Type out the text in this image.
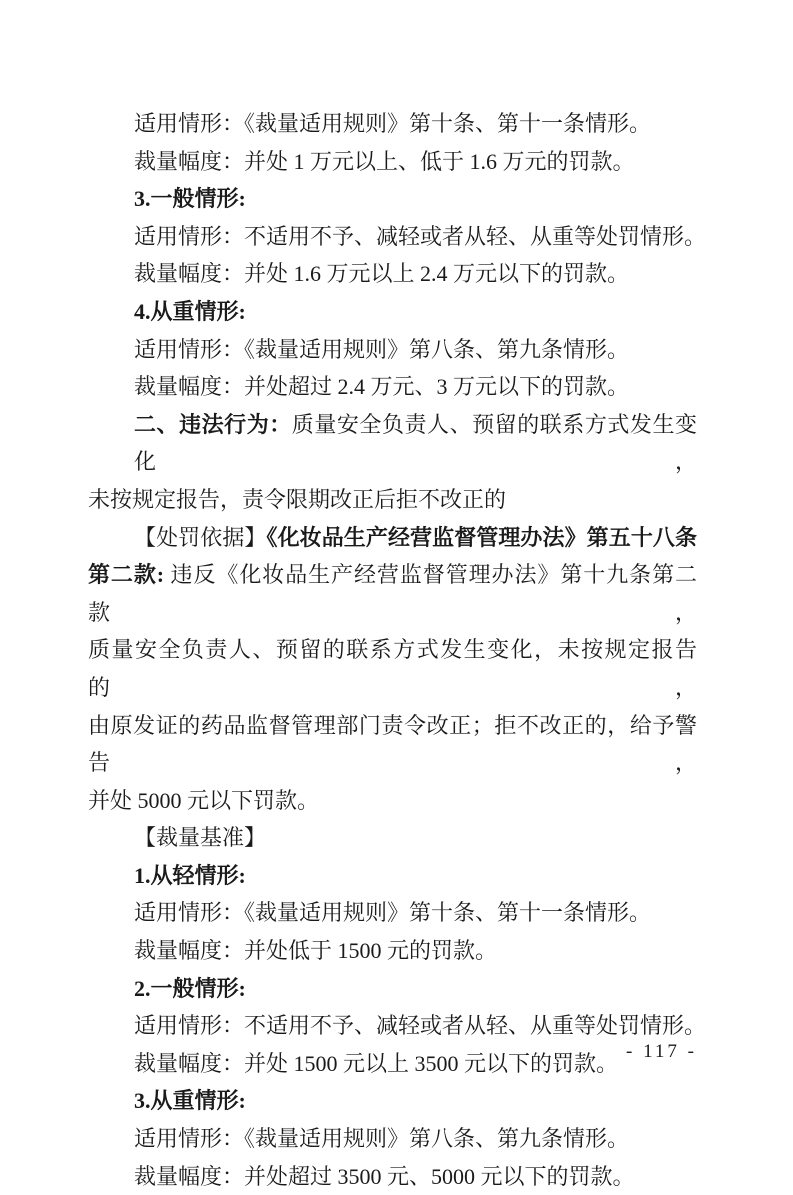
适用情形：《裁量适用规则》第十条、第十一条情形。
裁量幅度：并处 1 万元以上、低于 1.6 万元的罚款。
3.一般情形:
适用情形：不适用不予、减轻或者从轻、从重等处罚情形。
裁量幅度：并处 1.6 万元以上 2.4 万元以下的罚款。
4.从重情形:
适用情形：《裁量适用规则》第八条、第九条情形。
裁量幅度：并处超过 2.4 万元、3 万元以下的罚款。
二、违法行为：质量安全负责人、预留的联系方式发生变化，
未按规定报告，责令限期改正后拒不改正的
【处罚依据】《化妆品生产经营监督管理办法》第五十八条
第二款: 违反《化妆品生产经营监督管理办法》第十九条第二款，
质量安全负责人、预留的联系方式发生变化，未按规定报告的，
由原发证的药品监督管理部门责令改正；拒不改正的，给予警告，
并处 5000 元以下罚款。
【裁量基准】
1.从轻情形:
适用情形：《裁量适用规则》第十条、第十一条情形。
裁量幅度：并处低于 1500 元的罚款。
2.一般情形:
适用情形：不适用不予、减轻或者从轻、从重等处罚情形。
裁量幅度：并处 1500 元以上 3500 元以下的罚款。
3.从重情形:
适用情形：《裁量适用规则》第八条、第九条情形。
裁量幅度：并处超过 3500 元、5000 元以下的罚款。
- 117 -
